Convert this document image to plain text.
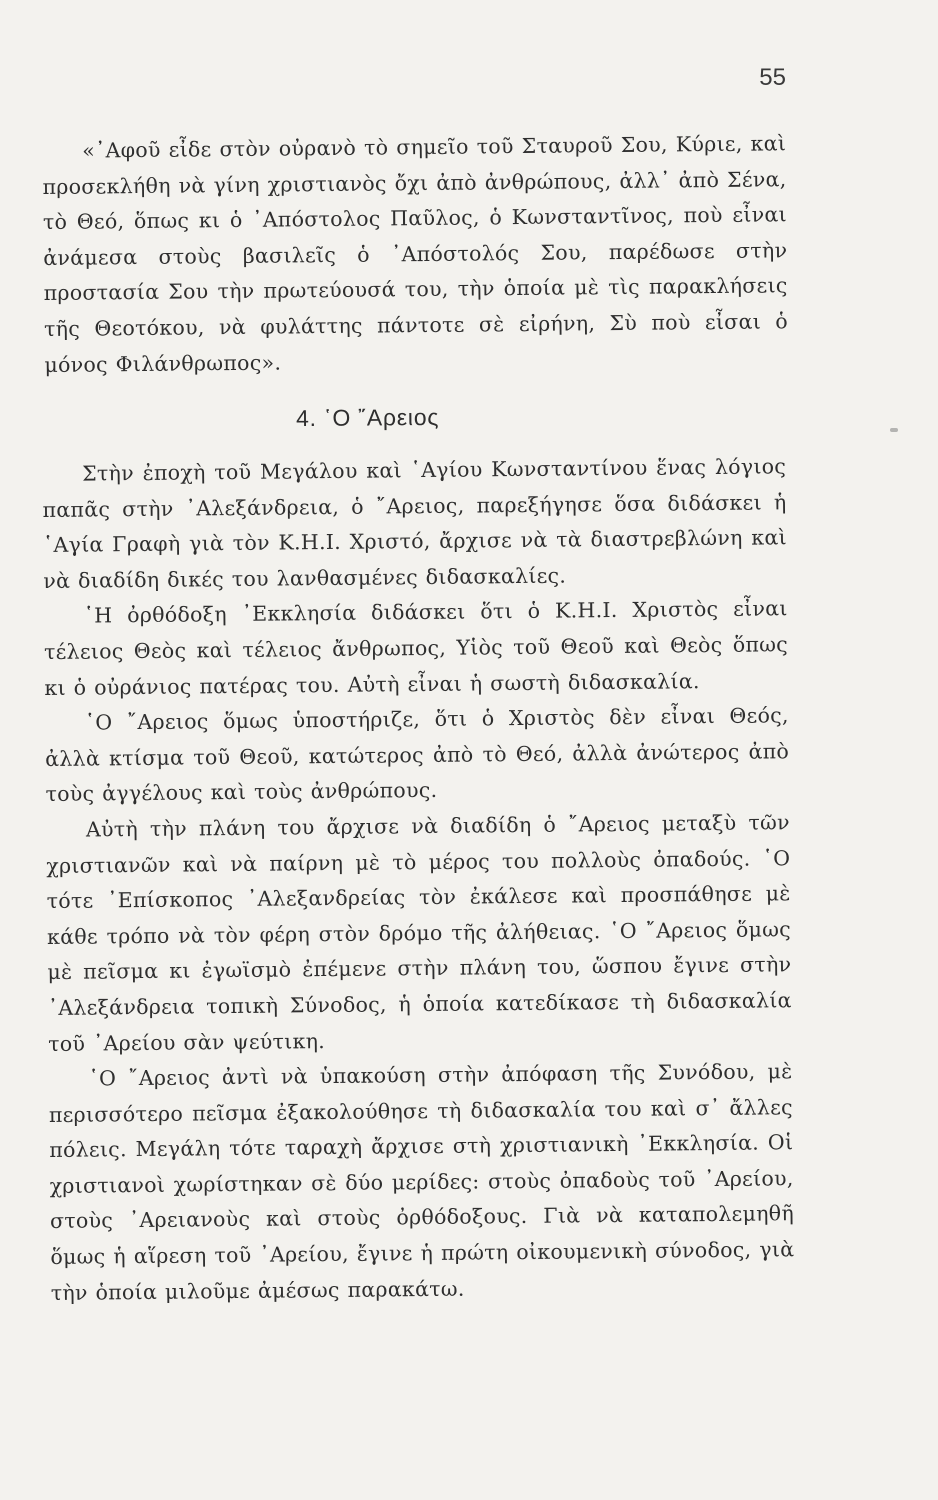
55

«᾽Αφοῦ εἶδε στὸν οὐρανὸ τὸ σημεῖο τοῦ Σταυροῦ Σου, Κύριε, καὶ προσεκλήθη νὰ γίνη χριστιανὸς ὄχι ἀπὸ ἀνθρώπους, ἀλλ᾽ ἀπὸ Σένα, τὸ Θεό, ὅπως κι ὁ ᾽Απόστολος Παῦλος, ὁ Κωνσταντῖνος, ποὺ εἶναι ἀνάμεσα στοὺς βασιλεῖς ὁ ᾽Απόστολός Σου, παρέδωσε στὴν προστασία Σου τὴν πρωτεύουσά του, τὴν ὁποία μὲ τὶς παρακλήσεις τῆς Θεοτόκου, νὰ φυλάττης πάντοτε σὲ εἰρήνη, Σὺ ποὺ εἶσαι ὁ μόνος Φιλάνθρωπος».

4. ῾Ο ῎Αρειος

Στὴν ἐποχὴ τοῦ Μεγάλου καὶ ῾Αγίου Κωνσταντίνου ἕνας λόγιος παπᾶς στὴν ᾽Αλεξάνδρεια, ὁ ῎Αρειος, παρεξήγησε ὅσα διδάσκει ἡ ῾Αγία Γραφὴ γιὰ τὸν Κ.Η.Ι. Χριστό, ἄρχισε νὰ τὰ διαστρεβλώνη καὶ νὰ διαδίδη δικές του λανθασμένες διδασκαλίες.

῾Η ὀρθόδοξη ᾽Εκκλησία διδάσκει ὅτι ὁ Κ.Η.Ι. Χριστὸς εἶναι τέλειος Θεὸς καὶ τέλειος ἄνθρωπος, Υἱὸς τοῦ Θεοῦ καὶ Θεὸς ὅπως κι ὁ οὐράνιος πατέρας του. Αὐτὴ εἶναι ἡ σωστὴ διδασκαλία.

῾Ο ῎Αρειος ὅμως ὑποστήριζε, ὅτι ὁ Χριστὸς δὲν εἶναι Θεός, ἀλλὰ κτίσμα τοῦ Θεοῦ, κατώτερος ἀπὸ τὸ Θεό, ἀλλὰ ἀνώτερος ἀπὸ τοὺς ἀγγέλους καὶ τοὺς ἀνθρώπους.

Αὐτὴ τὴν πλάνη του ἄρχισε νὰ διαδίδη ὁ ῎Αρειος μεταξὺ τῶν χριστιανῶν καὶ νὰ παίρνη μὲ τὸ μέρος του πολλοὺς ὀπαδούς. ῾Ο τότε ᾽Επίσκοπος ᾽Αλεξανδρείας τὸν ἐκάλεσε καὶ προσπάθησε μὲ κάθε τρόπο νὰ τὸν φέρη στὸν δρόμο τῆς ἀλήθειας. ῾Ο ῎Αρειος ὅμως μὲ πεῖσμα κι ἐγωϊσμὸ ἐπέμενε στὴν πλάνη του, ὥσπου ἔγινε στὴν ᾽Αλεξάνδρεια τοπικὴ Σύνοδος, ἡ ὁποία κατεδίκασε τὴ διδασκαλία τοῦ ᾽Αρείου σὰν ψεύτικη.

῾Ο ῎Αρειος ἀντὶ νὰ ὑπακούση στὴν ἀπόφαση τῆς Συνόδου, μὲ περισσότερο πεῖσμα ἐξακολούθησε τὴ διδασκαλία του καὶ σ᾽ ἄλλες πόλεις. Μεγάλη τότε ταραχὴ ἄρχισε στὴ χριστιανικὴ ᾽Εκκλησία. Οἱ χριστιανοὶ χωρίστηκαν σὲ δύο μερίδες: στοὺς ὀπαδοὺς τοῦ ᾽Αρείου, στοὺς ᾽Αρειανοὺς καὶ στοὺς ὀρθόδοξους. Γιὰ νὰ καταπολεμηθῆ ὅμως ἡ αἵρεση τοῦ ᾽Αρείου, ἔγινε ἡ πρώτη οἰκουμενικὴ σύνοδος, γιὰ τὴν ὁποία μιλοῦμε ἀμέσως παρακάτω.
